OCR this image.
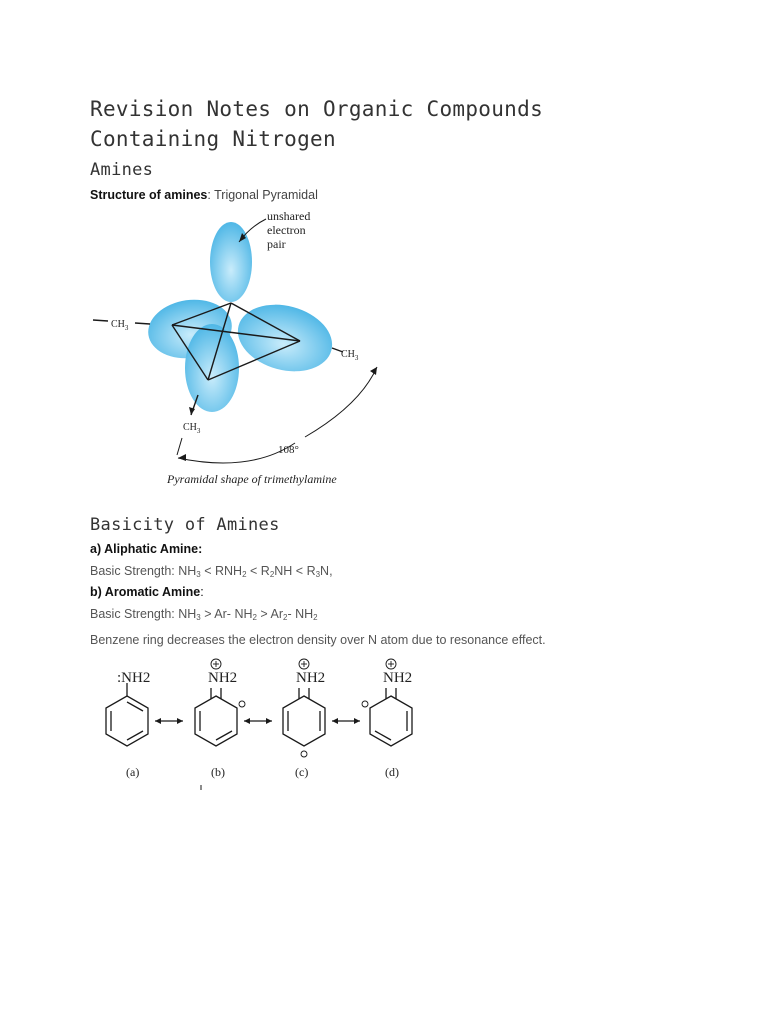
Revision Notes on Organic Compounds
Containing Nitrogen
Amines
Structure of amines: Trigonal Pyramidal
unshared
electron
pair
$CH_3$
$CH_3$
$CH_3$
108°
Pyramidal shape of trimethylamine
Basicity of Amines
a) Aliphatic Amine:
Basic Strength: $NH_3 < RNH_2 < R_2NH < R_3N$,
b) Aromatic Amine:
Basic Strength: $NH_3 > Ar-$ $NH_2 > Ar_2-$ $NH_2$
Benzene ring decreases the electron density over N atom due to resonance effect.
:NH2	NH2	NH2	NH2
(a)	(b)	(c)	(d)
